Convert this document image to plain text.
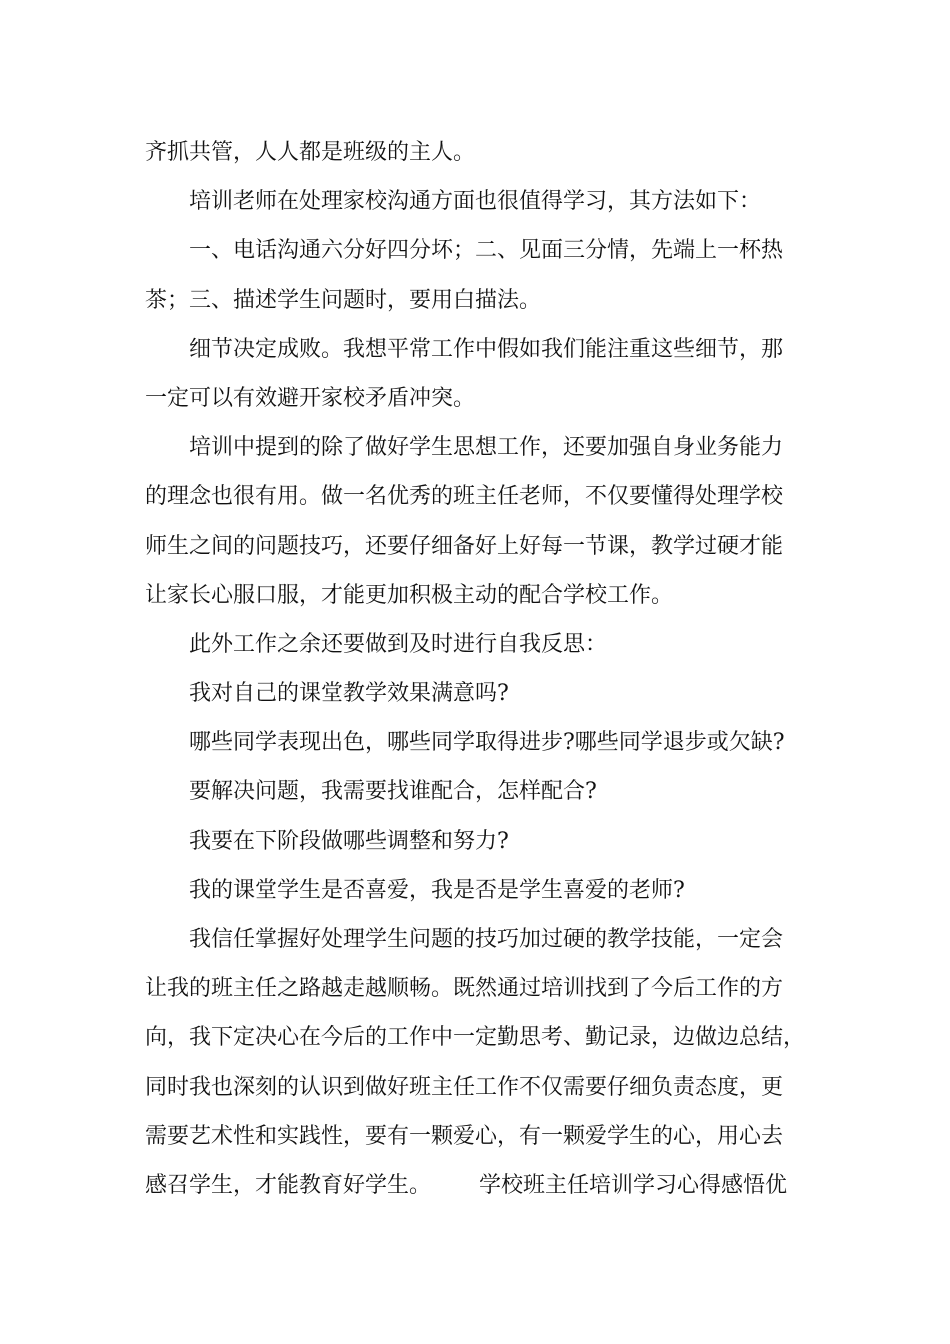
齐抓共管，人人都是班级的主人。
培训老师在处理家校沟通方面也很值得学习，其方法如下：
一、电话沟通六分好四分坏；二、见面三分情，先端上一杯热
茶；三、描述学生问题时，要用白描法。
细节决定成败。我想平常工作中假如我们能注重这些细节，那
一定可以有效避开家校矛盾冲突。
培训中提到的除了做好学生思想工作，还要加强自身业务能力
的理念也很有用。做一名优秀的班主任老师，不仅要懂得处理学校
师生之间的问题技巧，还要仔细备好上好每一节课，教学过硬才能
让家长心服口服，才能更加积极主动的配合学校工作。
此外工作之余还要做到及时进行自我反思：
我对自己的课堂教学效果满意吗?
哪些同学表现出色，哪些同学取得进步?哪些同学退步或欠缺?
要解决问题，我需要找谁配合，怎样配合?
我要在下阶段做哪些调整和努力?
我的课堂学生是否喜爱，我是否是学生喜爱的老师?
我信任掌握好处理学生问题的技巧加过硬的教学技能，一定会
让我的班主任之路越走越顺畅。既然通过培训找到了今后工作的方
向，我下定决心在今后的工作中一定勤思考、勤记录，边做边总结，
同时我也深刻的认识到做好班主任工作不仅需要仔细负责态度，更
需要艺术性和实践性，要有一颗爱心，有一颗爱学生的心，用心去
感召学生，才能教育好学生。 学校班主任培训学习心得感悟优
